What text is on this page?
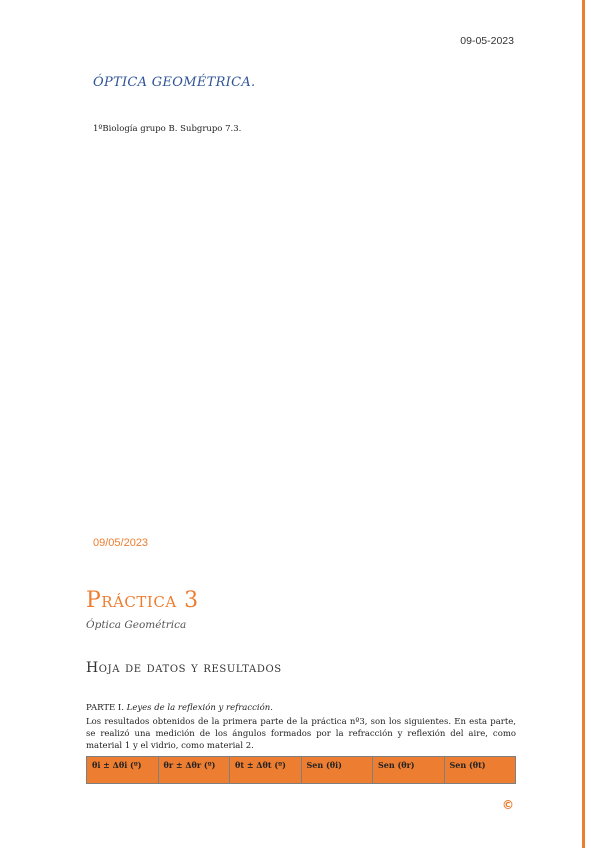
09-05-2023
ÓPTICA GEOMÉTRICA.
1ºBiología grupo B. Subgrupo 7.3.
09/05/2023
Práctica 3
Óptica Geométrica
Hoja de datos y resultados
PARTE I. Leyes de la reflexión y refracción.
Los resultados obtenidos de la primera parte de la práctica nº3, son los siguientes. En esta parte, se realizó una medición de los ángulos formados por la refracción y reflexión del aire, como material 1 y el vidrio, como material 2.
θi ± Δθi (º)	θr ± Δθr (º)	θt ± Δθt (º)	Sen (θi)	Sen (θr)	Sen (θt)
©
